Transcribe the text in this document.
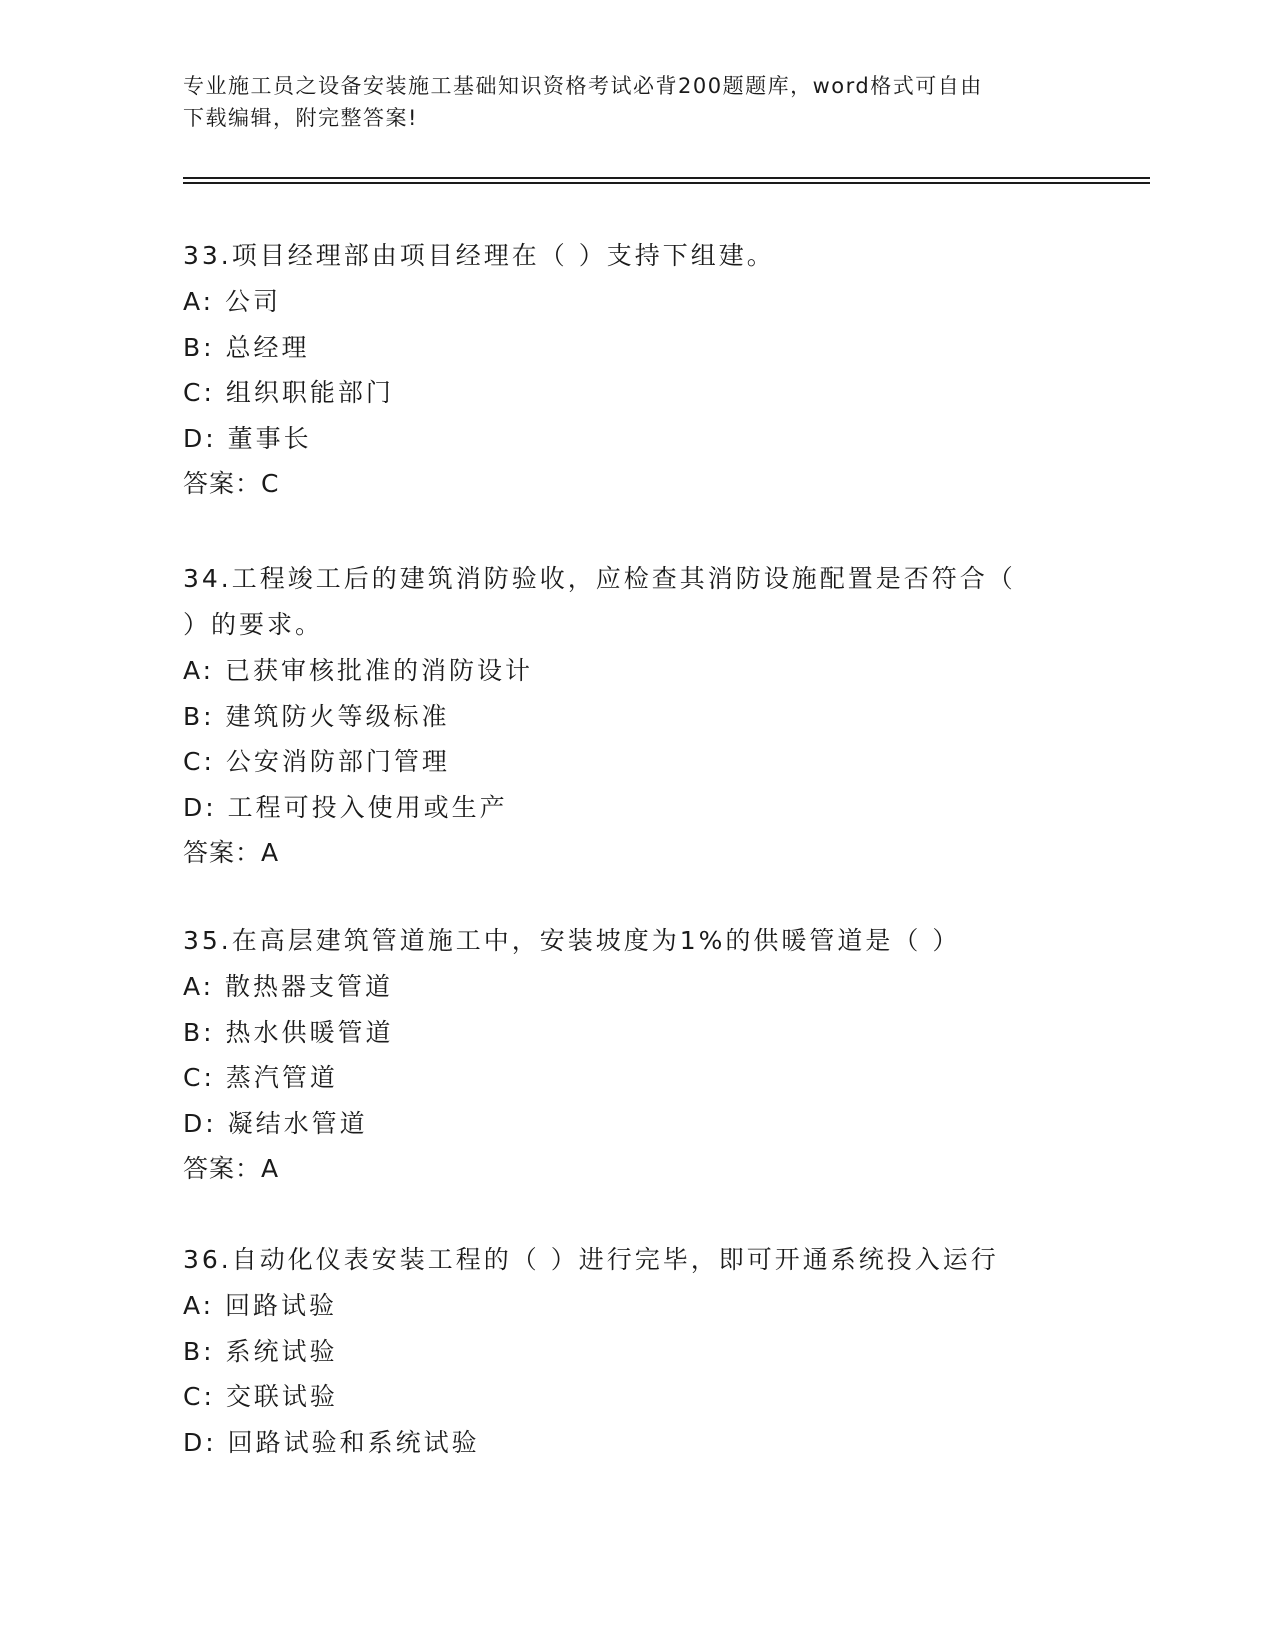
专业施工员之设备安装施工基础知识资格考试必背200题题库，word格式可自由
下载编辑，附完整答案!
33.项目经理部由项目经理在（ ）支持下组建。
A: 公司
B: 总经理
C: 组织职能部门
D: 董事长
答案：C
34.工程竣工后的建筑消防验收，应检查其消防设施配置是否符合（
）的要求。
A: 已获审核批准的消防设计
B: 建筑防火等级标准
C: 公安消防部门管理
D: 工程可投入使用或生产
答案：A
35.在高层建筑管道施工中，安装坡度为1%的供暖管道是（ ）
A: 散热器支管道
B: 热水供暖管道
C: 蒸汽管道
D: 凝结水管道
答案：A
36.自动化仪表安装工程的（ ）进行完毕，即可开通系统投入运行
A: 回路试验
B: 系统试验
C: 交联试验
D: 回路试验和系统试验
